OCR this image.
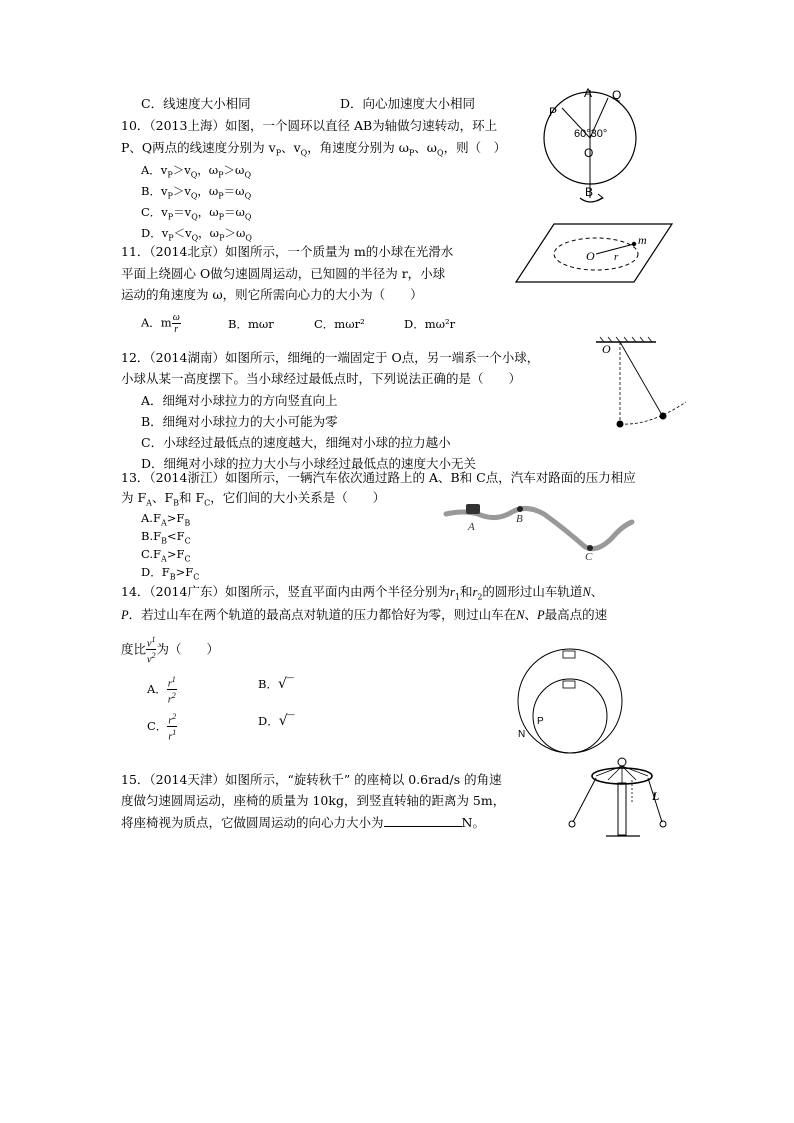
C．线速度大小相同	D．向心加速度大小相同
10．（2013上海）如图，一个圆环以直径 AB为轴做匀速转动，环上
P、Q两点的线速度分别为 $v_P$、$v_Q$，角速度分别为 $\omega_P$、$\omega_Q$，则（　）
A．$v_P>v_Q$，$\omega_P>\omega_Q$
B．$v_P>v_Q$，$\omega_P=\omega_Q$
C．$v_P=v_Q$，$\omega_P=\omega_Q$
D．$v_P<v_Q$，$\omega_P>\omega_Q$
A Q
P
60°30°
O
B
11．（2014北京）如图所示，一个质量为 m的小球在光滑水
平面上绕圆心 O做匀速圆周运动，已知圆的半径为 r，小球
运动的角速度为 ω，则它所需向心力的大小为（　　）
A．m $\frac{\omega}{r}$	B．mωr	C．mωr²	D．mω²r
m
O r
12．（2014湖南）如图所示，细绳的一端固定于 O点，另一端系一个小球，
小球从某一高度摆下。当小球经过最低点时，下列说法正确的是（　　）
A．细绳对小球拉力的方向竖直向上
B．细绳对小球拉力的大小可能为零
C．小球经过最低点的速度越大，细绳对小球的拉力越小
D．细绳对小球的拉力大小与小球经过最低点的速度大小无关
O
13．（2014浙江）如图所示，一辆汽车依次通过路上的 A、B和 C点，汽车对路面的压力相应
为 $F_A$、$F_B$和 $F_C$，它们间的大小关系是（　　）
$A.F_A>F_B$
$B.F_B<F_C$
$C.F_A>F_C$
D．$F_B>F_C$
A
B
C
14．（2014广东）如图所示，竖直平面内由两个半径分别为$r_1$和$r_2$的圆形过山车轨道N、
P．若过山车在两个轨道的最高点对轨道的压力都恰好为零，则过山车在N、P最高点的速
度比 $\frac{v^1}{v^2}$ 为（　　）
A． $\frac{r^1}{r^2}$	B．√‾
C． $\frac{r^2}{r^1}$	D．√‾	P
N
15．（2014天津）如图所示，“旋转秋千” 的座椅以 0.6rad/s 的角速
度做匀速圆周运动，座椅的质量为 10kg，到竖直转轴的距离为 5m，
将座椅视为质点，它做圆周运动的向心力大小为	N。
L
